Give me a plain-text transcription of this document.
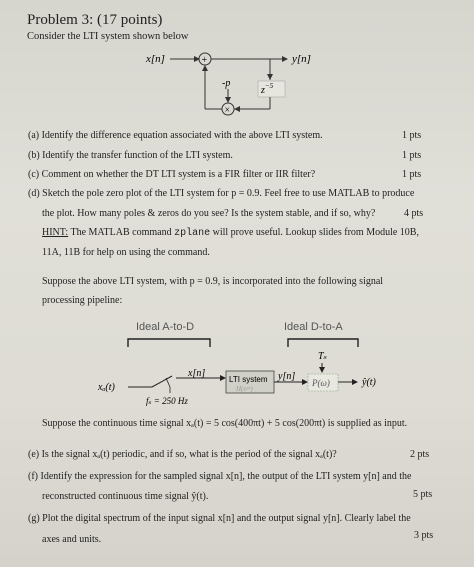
Problem 3: (17 points)
Consider the LTI system shown below
x[n]	+	y[n]
$z^{-5}$
×
-p
(a) Identify the difference equation associated with the above LTI system.	1 pts
(b) Identify the transfer function of the LTI system.	1 pts
(c) Comment on whether the DT LTI system is a FIR filter or IIR filter?	1 pts
(d) Sketch the pole zero plot of the LTI system for p = 0.9. Feel free to use MATLAB to produce
the plot. How many poles & zeros do you see? Is the system stable, and if so, why?	4 pts
HINT: The MATLAB command zplane will prove useful. Lookup slides from Module 10B,
11A, 11B for help on using the command.
Suppose the above LTI system, with p = 0.9, is incorporated into the following signal
processing pipeline:
Ideal A-to-D	Ideal D-to-A
xₐ(t)
x[n]
fₛ = 250 Hz
LTI system
H(eʲʷ)
y[n]
Tₛ
P(ω)	ŷ(t)
Suppose the continuous time signal xₐ(t) = 5 cos(400πt) + 5 cos(200πt) is supplied as input.
(e) Is the signal xₐ(t) periodic, and if so, what is the period of the signal xₐ(t)?	2 pts
(f) Identify the expression for the sampled signal x[n], the output of the LTI system y[n] and the
reconstructed continuous time signal ŷ(t).	5 pts
(g) Plot the digital spectrum of the input signal x[n] and the output signal y[n]. Clearly label the
axes and units.	3 pts
